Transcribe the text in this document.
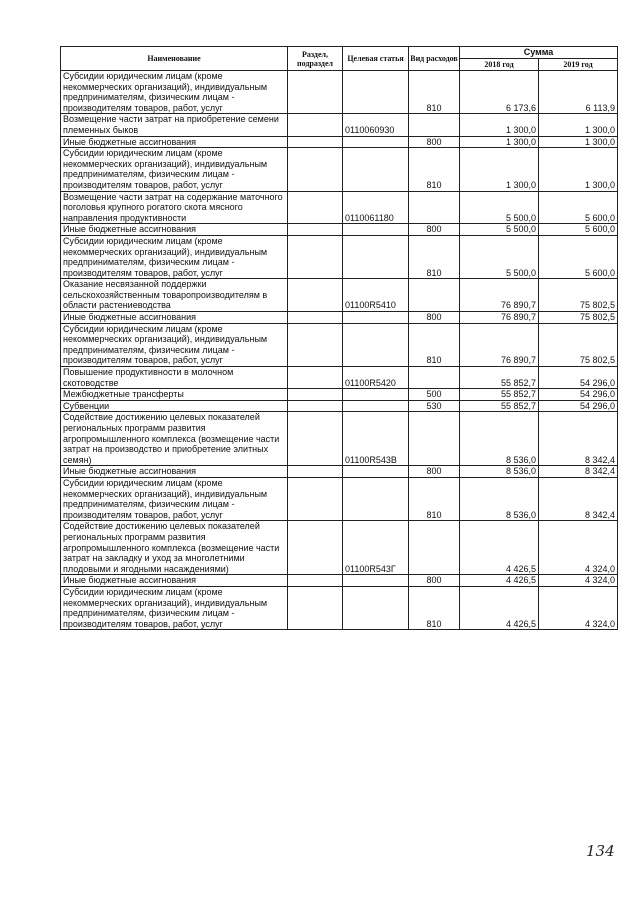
Наименование	Раздел, подраздел	Целевая статья	Вид расходов	Сумма	
				2018 год	2019 год
Субсидии юридическим лицам (кроме некоммерческих организаций), индивидуальным предпринимателям, физическим лицам - производителям товаров, работ, услуг			810	6 173,6	6 113,9
Возмещение части затрат на приобретение семени племенных быков		0110060930		1 300,0	1 300,0
Иные бюджетные ассигнования			800	1 300,0	1 300,0
Субсидии юридическим лицам (кроме некоммерческих организаций), индивидуальным предпринимателям, физическим лицам - производителям товаров, работ, услуг			810	1 300,0	1 300,0
Возмещение части затрат на содержание маточного поголовья крупного рогатого скота мясного направления продуктивности		0110061180		5 500,0	5 600,0
Иные бюджетные ассигнования			800	5 500,0	5 600,0
Субсидии юридическим лицам (кроме некоммерческих организаций), индивидуальным предпринимателям, физическим лицам - производителям товаров, работ, услуг			810	5 500,0	5 600,0
Оказание несвязанной поддержки сельскохозяйственным товаропроизводителям в области растениеводства		01100R5410		76 890,7	75 802,5
Иные бюджетные ассигнования			800	76 890,7	75 802,5
Субсидии юридическим лицам (кроме некоммерческих организаций), индивидуальным предпринимателям, физическим лицам - производителям товаров, работ, услуг			810	76 890,7	75 802,5
Повышение продуктивности в молочном скотоводстве		01100R5420		55 852,7	54 296,0
Межбюджетные трансферты			500	55 852,7	54 296,0
Субвенции			530	55 852,7	54 296,0
Содействие достижению целевых показателей региональных программ развития агропромышленного комплекса (возмещение части затрат на производство и приобретение элитных семян)		01100R543В		8 536,0	8 342,4
Иные бюджетные ассигнования			800	8 536,0	8 342,4
Субсидии юридическим лицам (кроме некоммерческих организаций), индивидуальным предпринимателям, физическим лицам - производителям товаров, работ, услуг			810	8 536,0	8 342,4
Содействие достижению целевых показателей региональных программ развития агропромышленного комплекса (возмещение части затрат на закладку и уход за многолетними плодовыми и ягодными насаждениями)		01100R543Г		4 426,5	4 324,0
Иные бюджетные ассигнования			800	4 426,5	4 324,0
Субсидии юридическим лицам (кроме некоммерческих организаций), индивидуальным предпринимателям, физическим лицам - производителям товаров, работ, услуг			810	4 426,5	4 324,0
134
